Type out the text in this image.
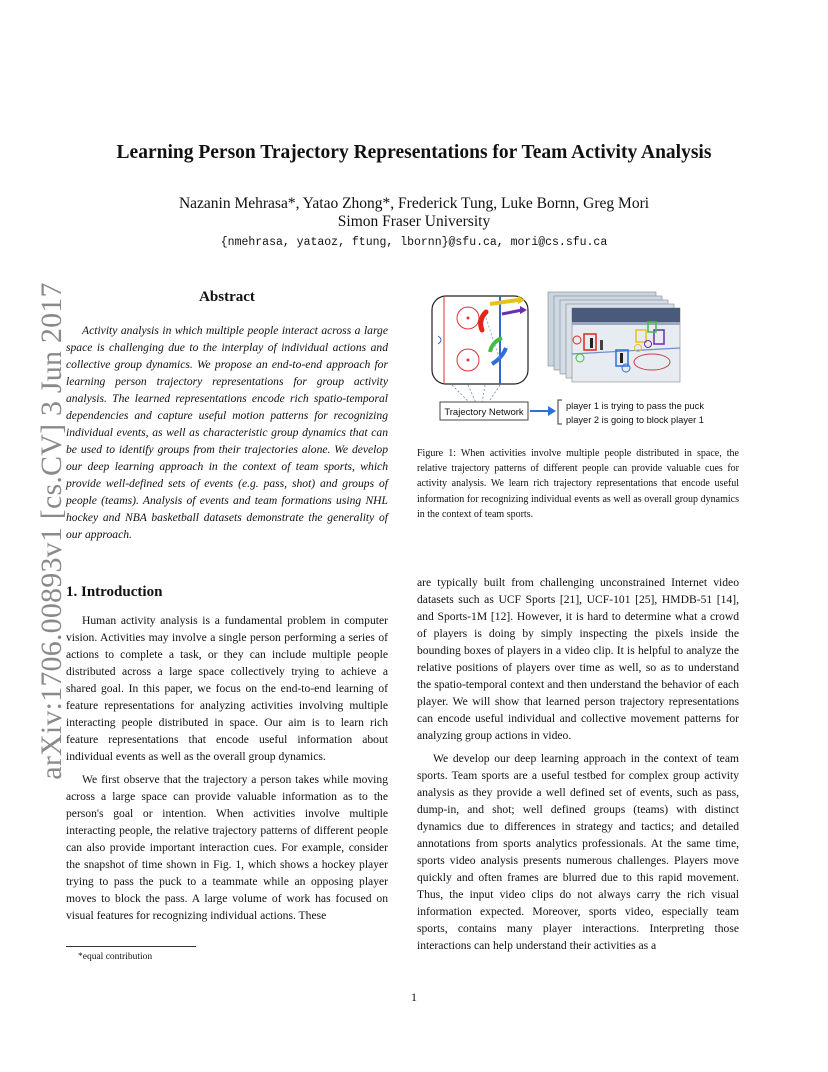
arXiv:1706.00893v1 [cs.CV] 3 Jun 2017
Learning Person Trajectory Representations for Team Activity Analysis
Nazanin Mehrasa*, Yatao Zhong*, Frederick Tung, Luke Bornn, Greg Mori
Simon Fraser University
{nmehrasa, yataoz, ftung, lbornn}@sfu.ca, mori@cs.sfu.ca
Abstract

Activity analysis in which multiple people interact across a large space is challenging due to the interplay of individual actions and collective group dynamics. We propose an end-to-end approach for learning person trajectory representations for group activity analysis. The learned representations encode rich spatio-temporal dependencies and capture useful motion patterns for recognizing individual events, as well as characteristic group dynamics that can be used to identify groups from their trajectories alone. We develop our deep learning approach in the context of team sports, which provide well-defined sets of events (e.g. pass, shot) and groups of people (teams). Analysis of events and team formations using NHL hockey and NBA basketball datasets demonstrate the generality of our approach.

Trajectory Network
player 1 is trying to pass the puck
player 2 is going to block player 1
Figure 1: When activities involve multiple people distributed in space, the relative trajectory patterns of different people can provide valuable cues for activity analysis. We learn rich trajectory representations that encode useful information for recognizing individual events as well as overall group dynamics in the context of team sports.
1. Introduction

Human activity analysis is a fundamental problem in computer vision. Activities may involve a single person performing a series of actions to complete a task, or they can include multiple people distributed across a large space collectively trying to achieve a shared goal. In this paper, we focus on the end-to-end learning of feature representations for analyzing activities involving multiple interacting people distributed in space. Our aim is to learn rich feature representations that encode useful information about individual events as well as the overall group dynamics.

We first observe that the trajectory a person takes while moving across a large space can provide valuable information as to the person's goal or intention. When activities involve multiple interacting people, the relative trajectory patterns of different people can also provide important interaction cues. For example, consider the snapshot of time shown in Fig. 1, which shows a hockey player trying to pass the puck to a teammate while an opposing player moves to block the pass. A large volume of work has focused on visual features for recognizing individual actions. These

are typically built from challenging unconstrained Internet video datasets such as UCF Sports [21], UCF-101 [25], HMDB-51 [14], and Sports-1M [12]. However, it is hard to determine what a crowd of players is doing by simply inspecting the pixels inside the bounding boxes of players in a video clip. It is helpful to analyze the relative positions of players over time as well, so as to understand the spatio-temporal context and then understand the behavior of each player. We will show that learned person trajectory representations can encode useful individual and collective movement patterns for analyzing group actions in video.

We develop our deep learning approach in the context of team sports. Team sports are a useful testbed for complex group activity analysis as they provide a well defined set of events, such as pass, dump-in, and shot; well defined groups (teams) with distinct dynamics due to differences in strategy and tactics; and detailed annotations from sports analytics professionals. At the same time, sports video analysis presents numerous challenges. Players move quickly and often frames are blurred due to this rapid movement. Thus, the input video clips do not always carry the rich visual information expected. Moreover, sports video, especially team sports, contains many player interactions. Interpreting those interactions can help understand their activities as a

*equal contribution
1
